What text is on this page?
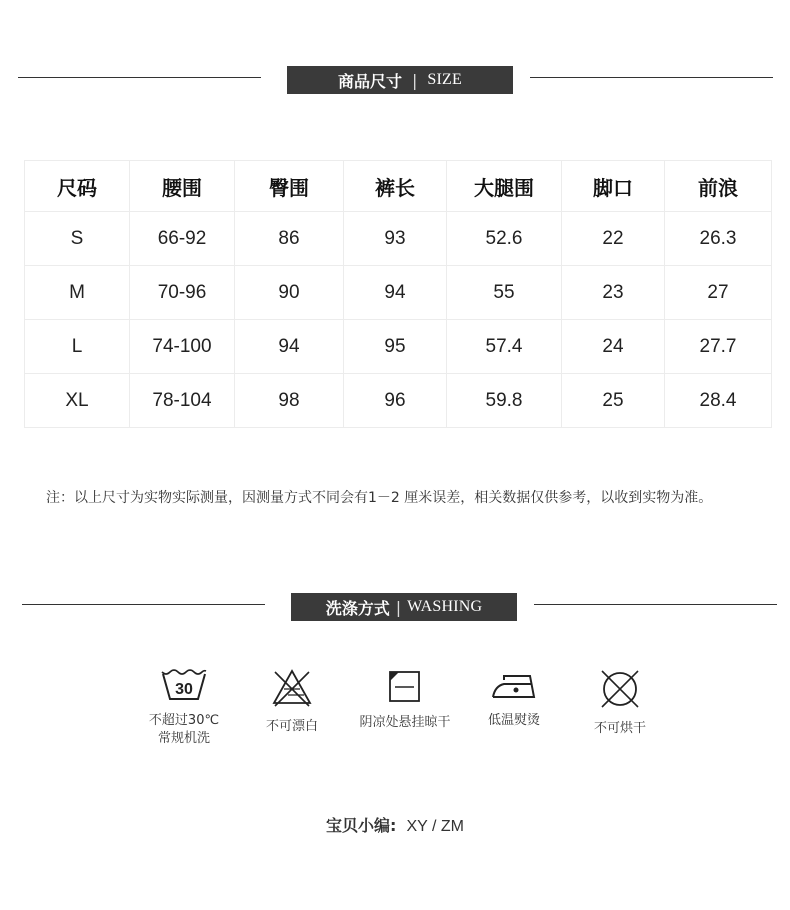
商品尺寸 | SIZE
尺码	腰围	臀围	裤长	大腿围	脚口	前浪
S	66-92	86	93	52.6	22	26.3
M	70-96	90	94	55	23	27
L	74-100	94	95	57.4	24	27.7
XL	78-104	98	96	59.8	25	28.4
注：以上尺寸为实物实际测量，因测量方式不同会有1－2 厘米误差，相关数据仅供参考，以收到实物为准。
洗涤方式 | WASHING
30
不超过30℃
常规机洗
不可漂白	阴凉处悬挂晾干	低温熨烫
不可烘干
宝贝小编: XY / ZM
